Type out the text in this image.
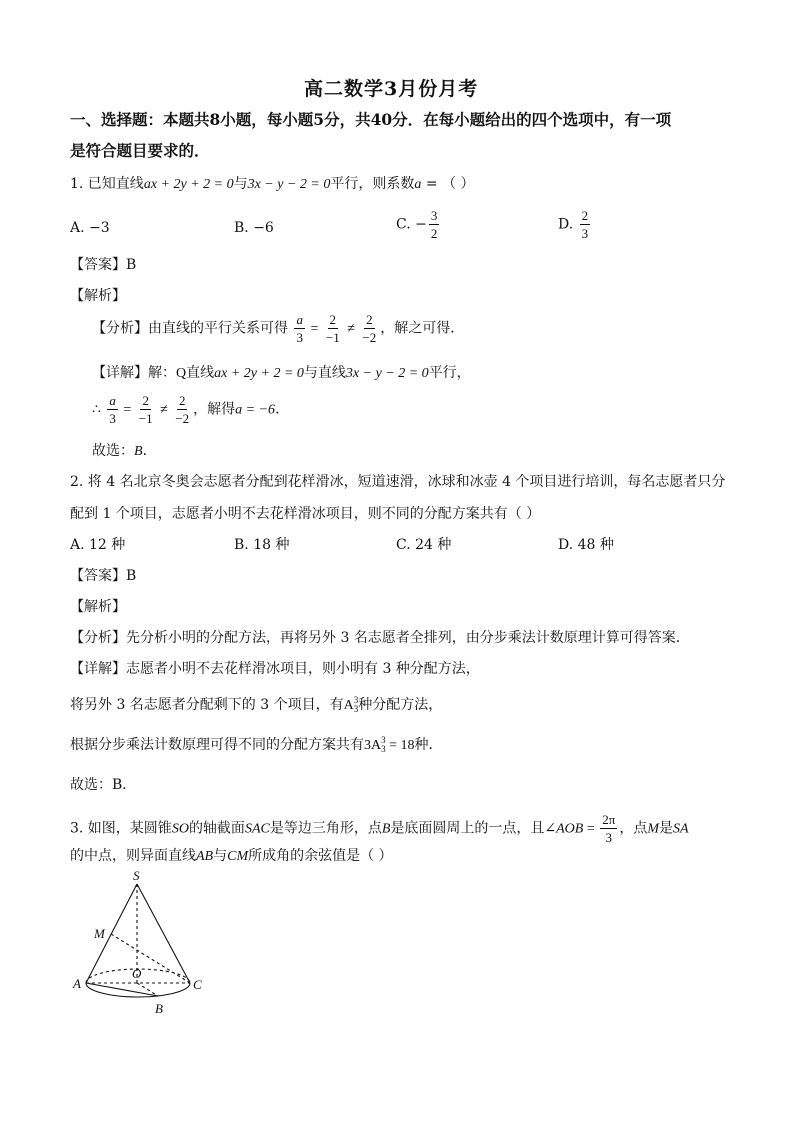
高二数学3月份月考
一、选择题：本题共8小题，每小题5分，共40分．在每小题给出的四个选项中，有一项
是符合题目要求的．
1. 已知直线ax + 2y + 2 = 0与3x − y − 2 = 0平行，则系数a = （ ）
A. −3	B. −6	C. − $\frac{3}{2}$	D. $\frac{2}{3}$
【答案】B
【解析】
【分析】由直线的平行关系可得 $\frac{a}{3} = \frac{2}{-1} \ne \frac{2}{-2}$ ，解之可得．
【详解】解：Q直线ax + 2y + 2 = 0与直线3x − y − 2 = 0平行，
∴ $\frac{a}{3} = \frac{2}{-1} \ne \frac{2}{-2}$ ，解得a = −6．
故选：B．
2. 将 4 名北京冬奥会志愿者分配到花样滑冰，短道速滑，冰球和冰壶 4 个项目进行培训，每名志愿者只分
配到 1 个项目，志愿者小明不去花样滑冰项目，则不同的分配方案共有（ ）
A. 12 种	B. 18 种	C. 24 种	D. 48 种
【答案】B
【解析】
【分析】先分析小明的分配方法，再将另外 3 名志愿者全排列，由分步乘法计数原理计算可得答案．
【详解】志愿者小明不去花样滑冰项目，则小明有 3 种分配方法，
将另外 3 名志愿者分配剩下的 3 个项目，有A 3
3 种分配方法，
根据分步乘法计数原理可得不同的分配方案共有3A 3
3 = 18种．
故选：B．
3. 如图，某圆锥SO的轴截面SAC是等边三角形，点B是底面圆周上的一点，且∠AOB = $\frac{2\pi}{3}$ ，点M是SA
的中点，则异面直线AB与CM所成角的余弦值是（ ）
S
M
O
A	C
B
